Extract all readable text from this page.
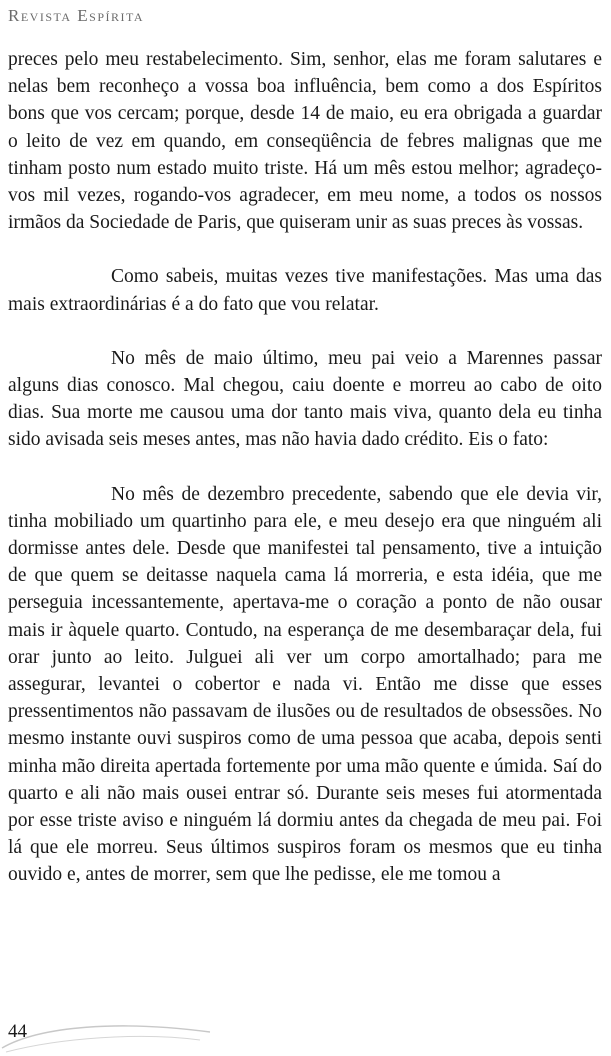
Revista Espírita

preces pelo meu restabelecimento. Sim, senhor, elas me foram salutares e nelas bem reconheço a vossa boa influência, bem como a dos Espíritos bons que vos cercam; porque, desde 14 de maio, eu era obrigada a guardar o leito de vez em quando, em conseqüência de febres malignas que me tinham posto num estado muito triste. Há um mês estou melhor; agradeço-vos mil vezes, rogando-vos agradecer, em meu nome, a todos os nossos irmãos da Sociedade de Paris, que quiseram unir as suas preces às vossas.

Como sabeis, muitas vezes tive manifestações. Mas uma das mais extraordinárias é a do fato que vou relatar.

No mês de maio último, meu pai veio a Marennes passar alguns dias conosco. Mal chegou, caiu doente e morreu ao cabo de oito dias. Sua morte me causou uma dor tanto mais viva, quanto dela eu tinha sido avisada seis meses antes, mas não havia dado crédito. Eis o fato:

No mês de dezembro precedente, sabendo que ele devia vir, tinha mobiliado um quartinho para ele, e meu desejo era que ninguém ali dormisse antes dele. Desde que manifestei tal pensamento, tive a intuição de que quem se deitasse naquela cama lá morreria, e esta idéia, que me perseguia incessantemente, apertava-me o coração a ponto de não ousar mais ir àquele quarto. Contudo, na esperança de me desembaraçar dela, fui orar junto ao leito. Julguei ali ver um corpo amortalhado; para me assegurar, levantei o cobertor e nada vi. Então me disse que esses pressentimentos não passavam de ilusões ou de resultados de obsessões. No mesmo instante ouvi suspiros como de uma pessoa que acaba, depois senti minha mão direita apertada fortemente por uma mão quente e úmida. Saí do quarto e ali não mais ousei entrar só. Durante seis meses fui atormentada por esse triste aviso e ninguém lá dormiu antes da chegada de meu pai. Foi lá que ele morreu. Seus últimos suspiros foram os mesmos que eu tinha ouvido e, antes de morrer, sem que lhe pedisse, ele me tomou a

44
